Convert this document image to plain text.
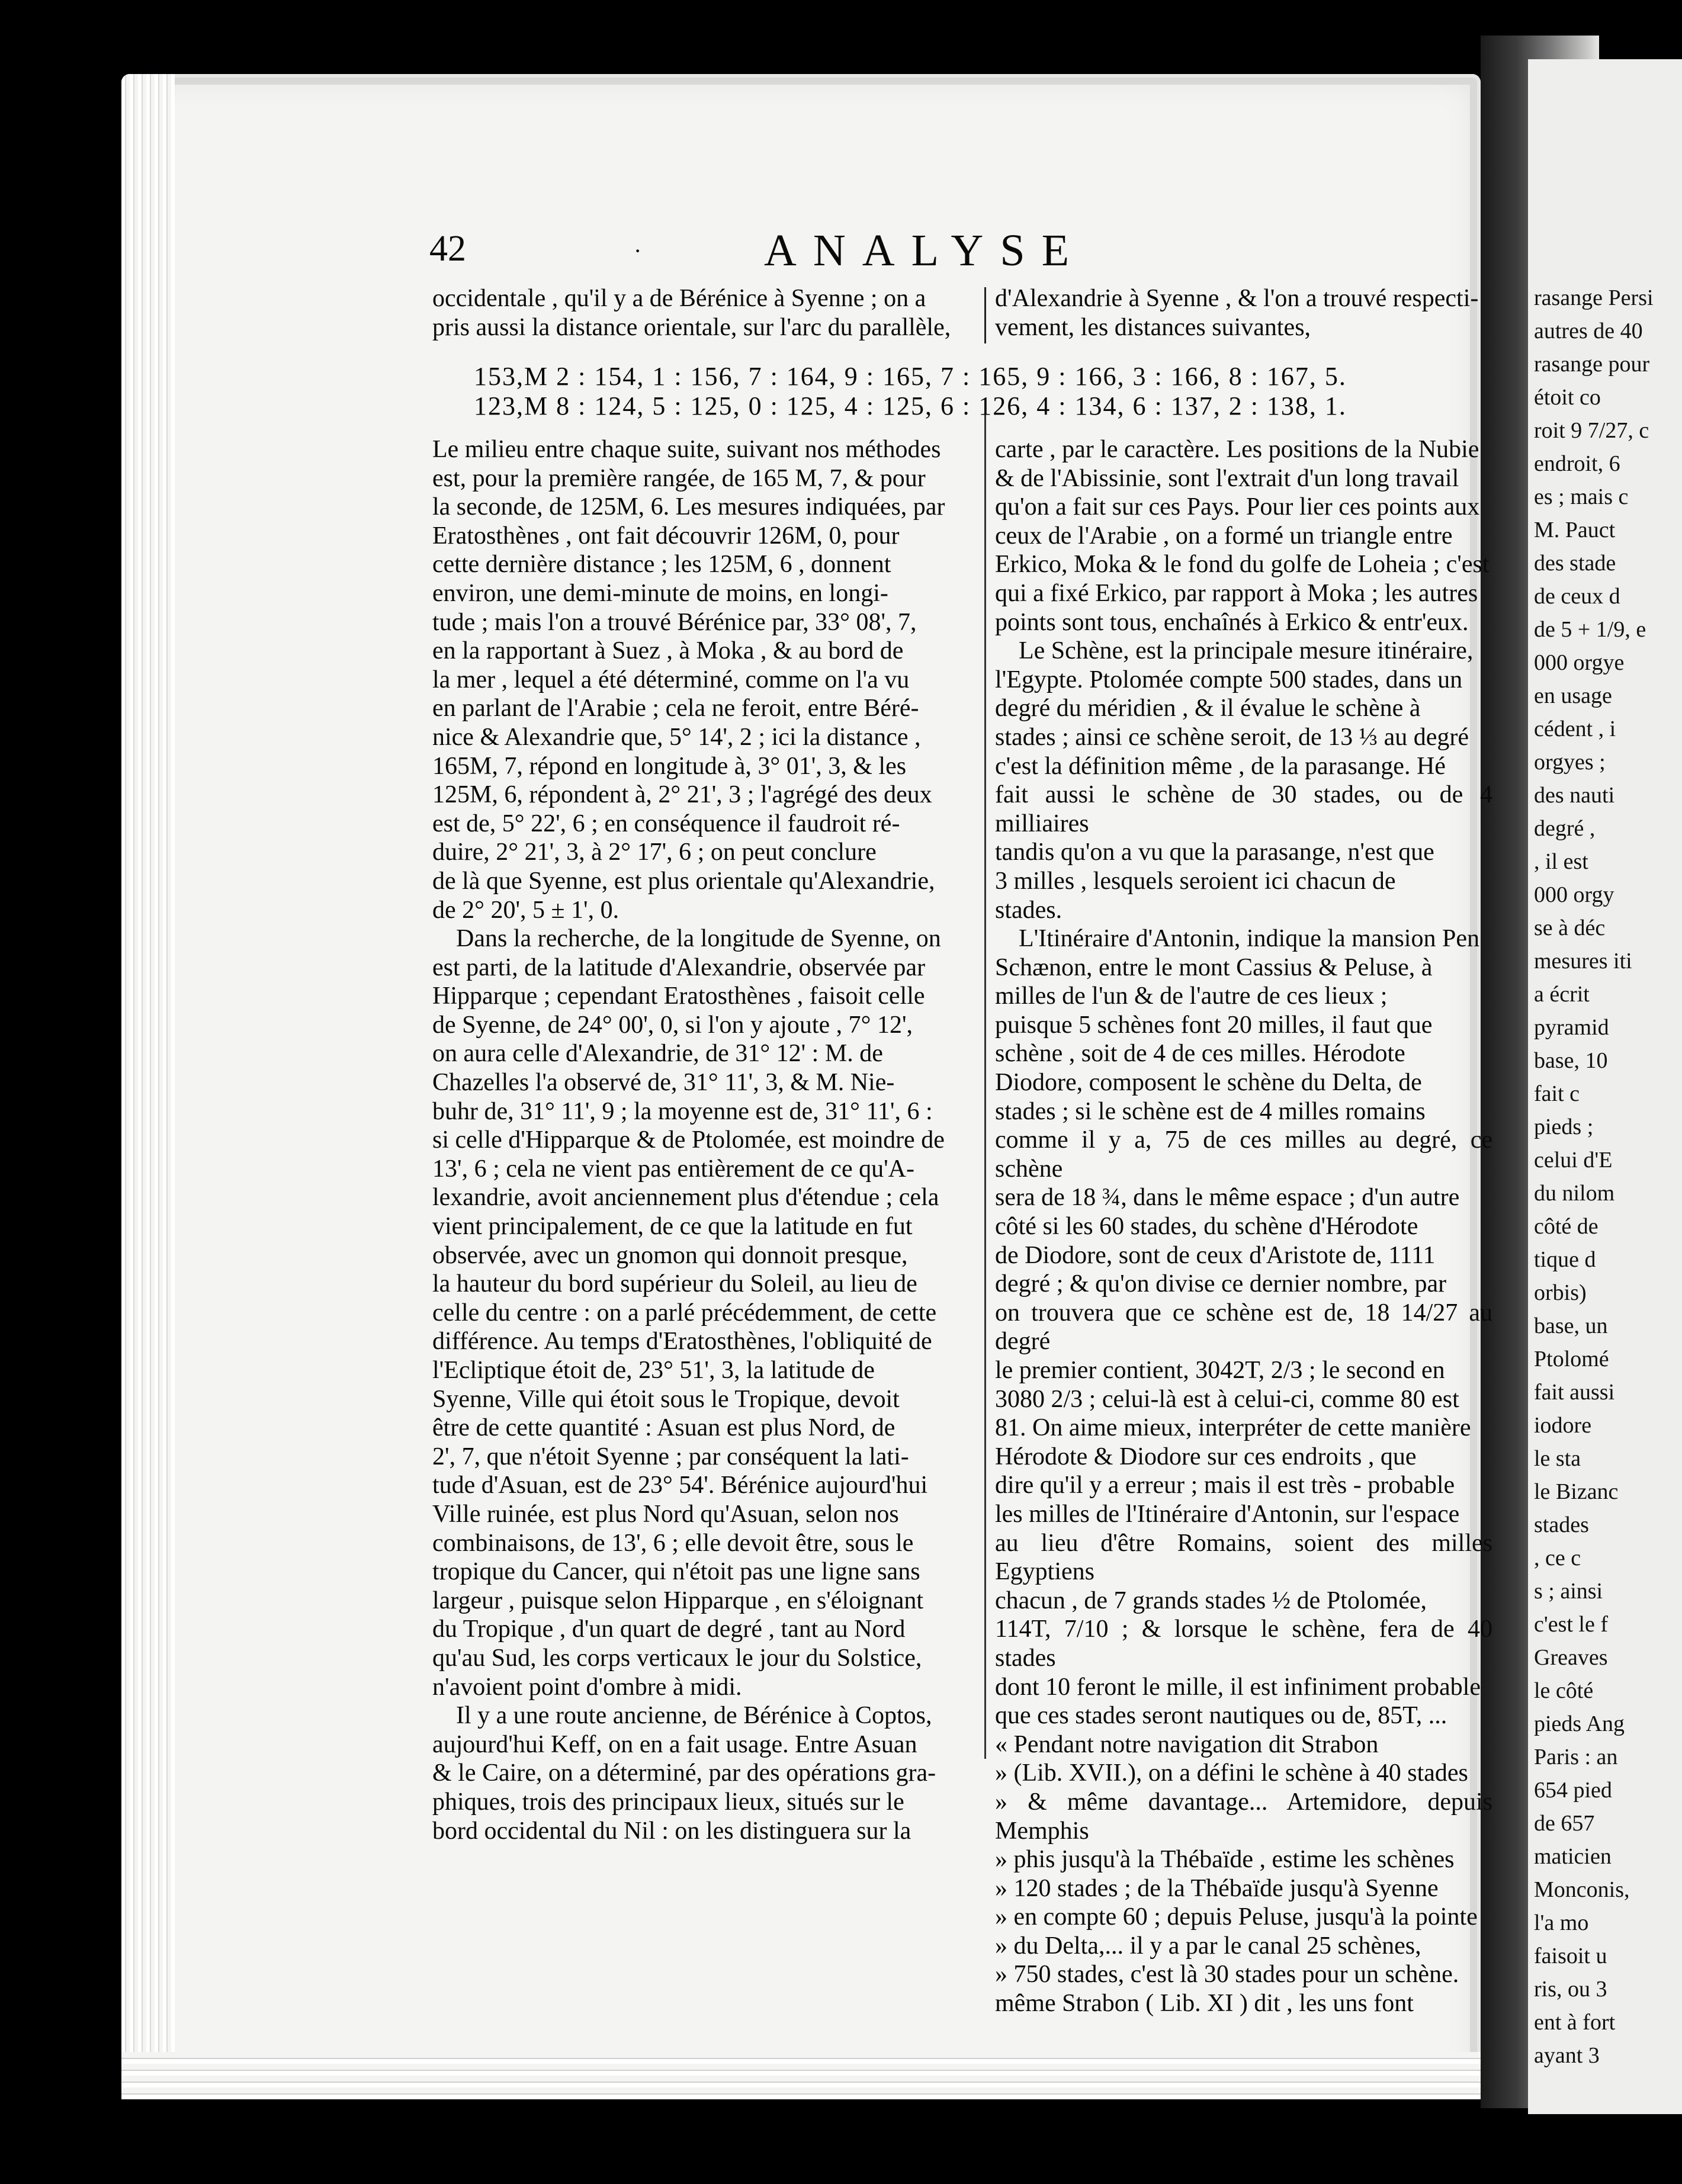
rasange Persi
autres de 40
rasange pour
étoit co
roit 9 7/27, c
endroit, 6
es ; mais c
M. Pauct
des stade
de ceux d
de 5 + 1/9, e
000 orgye
en usage
cédent , i
orgyes ;
des nauti
degré ,
, il est
000 orgy
se à déc
mesures iti
a écrit
pyramid
base, 10
fait c
pieds ;
celui d'E
du nilom
côté de
tique d
orbis)
base, un
Ptolomé
fait aussi
iodore
le sta
le Bizanc
stades
, ce c
s ; ainsi
c'est le f
Greaves
le côté
pieds Ang
Paris : an
654 pied
de 657
maticien
Monconis,
l'a mo
faisoit u
ris, ou 3
ent à fort
ayant 3
42	·	ANALYSE

occidentale , qu'il y a de Bérénice à Syenne ; on a

pris aussi la distance orientale, sur l'arc du parallèle,

d'Alexandrie à Syenne , & l'on a trouvé respecti-

vement, les distances suivantes,

153,M 2 : 154, 1 : 156, 7 : 164, 9 : 165, 7 : 165, 9 : 166, 3 : 166, 8 : 167, 5.
123,M 8 : 124, 5 : 125, 0 : 125, 4 : 125, 6 : 126, 4 : 134, 6 : 137, 2 : 138, 1.

Le milieu entre chaque suite, suivant nos méthodes

est, pour la première rangée, de 165 M, 7, & pour

la seconde, de 125M, 6. Les mesures indiquées, par

Eratosthènes , ont fait découvrir 126M, 0, pour

cette dernière distance ; les 125M, 6 , donnent

environ, une demi-minute de moins, en longi-

tude ; mais l'on a trouvé Bérénice par, 33° 08', 7,

en la rapportant à Suez , à Moka , & au bord de

la mer , lequel a été déterminé, comme on l'a vu

en parlant de l'Arabie ; cela ne feroit, entre Béré-

nice & Alexandrie que, 5° 14', 2 ; ici la distance ,

165M, 7, répond en longitude à, 3° 01', 3, & les

125M, 6, répondent à, 2° 21', 3 ; l'agrégé des deux

est de, 5° 22', 6 ; en conséquence il faudroit ré-

duire, 2° 21', 3, à 2° 17', 6 ; on peut conclure

de là que Syenne, est plus orientale qu'Alexandrie,

de 2° 20', 5 ± 1', 0.

Dans la recherche, de la longitude de Syenne, on

est parti, de la latitude d'Alexandrie, observée par

Hipparque ; cependant Eratosthènes , faisoit celle

de Syenne, de 24° 00', 0, si l'on y ajoute , 7° 12',

on aura celle d'Alexandrie, de 31° 12' : M. de

Chazelles l'a observé de, 31° 11', 3, & M. Nie-

buhr de, 31° 11', 9 ; la moyenne est de, 31° 11', 6 :

si celle d'Hipparque & de Ptolomée, est moindre de

13', 6 ; cela ne vient pas entièrement de ce qu'A-

lexandrie, avoit anciennement plus d'étendue ; cela

vient principalement, de ce que la latitude en fut

observée, avec un gnomon qui donnoit presque,

la hauteur du bord supérieur du Soleil, au lieu de

celle du centre : on a parlé précédemment, de cette

différence. Au temps d'Eratosthènes, l'obliquité de

l'Ecliptique étoit de, 23° 51', 3, la latitude de

Syenne, Ville qui étoit sous le Tropique, devoit

être de cette quantité : Asuan est plus Nord, de

2', 7, que n'étoit Syenne ; par conséquent la lati-

tude d'Asuan, est de 23° 54'. Bérénice aujourd'hui

Ville ruinée, est plus Nord qu'Asuan, selon nos

combinaisons, de 13', 6 ; elle devoit être, sous le

tropique du Cancer, qui n'étoit pas une ligne sans

largeur , puisque selon Hipparque , en s'éloignant

du Tropique , d'un quart de degré , tant au Nord

qu'au Sud, les corps verticaux le jour du Solstice,

n'avoient point d'ombre à midi.

Il y a une route ancienne, de Bérénice à Coptos,

aujourd'hui Keff, on en a fait usage. Entre Asuan

& le Caire, on a déterminé, par des opérations gra-

phiques, trois des principaux lieux, situés sur le

bord occidental du Nil : on les distinguera sur la

carte , par le caractère. Les positions de la Nubie

& de l'Abissinie, sont l'extrait d'un long travail

qu'on a fait sur ces Pays. Pour lier ces points aux

ceux de l'Arabie , on a formé un triangle entre

Erkico, Moka & le fond du golfe de Loheia ; c'est

qui a fixé Erkico, par rapport à Moka ; les autres

points sont tous, enchaînés à Erkico & entr'eux.

Le Schène, est la principale mesure itinéraire,

l'Egypte. Ptolomée compte 500 stades, dans un

degré du méridien , & il évalue le schène à

stades ; ainsi ce schène seroit, de 13 ⅓ au degré

c'est la définition même , de la parasange. Hé

fait aussi le schène de 30 stades, ou de 4 milliaires

tandis qu'on a vu que la parasange, n'est que

3 milles , lesquels seroient ici chacun de

stades.

L'Itinéraire d'Antonin, indique la mansion Pen

Schænon, entre le mont Cassius & Peluse, à

milles de l'un & de l'autre de ces lieux ;

puisque 5 schènes font 20 milles, il faut que

schène , soit de 4 de ces milles. Hérodote

Diodore, composent le schène du Delta, de

stades ; si le schène est de 4 milles romains

comme il y a, 75 de ces milles au degré, ce schène

sera de 18 ¾, dans le même espace ; d'un autre

côté si les 60 stades, du schène d'Hérodote

de Diodore, sont de ceux d'Aristote de, 1111

degré ; & qu'on divise ce dernier nombre, par

on trouvera que ce schène est de, 18 14/27 au degré

le premier contient, 3042T, 2/3 ; le second en

3080 2/3 ; celui-là est à celui-ci, comme 80 est

81. On aime mieux, interpréter de cette manière

Hérodote & Diodore sur ces endroits , que

dire qu'il y a erreur ; mais il est très - probable

les milles de l'Itinéraire d'Antonin, sur l'espace

au lieu d'être Romains, soient des milles Egyptiens

chacun , de 7 grands stades ½ de Ptolomée,

114T, 7/10 ; & lorsque le schène, fera de 40 stades

dont 10 feront le mille, il est infiniment probable

que ces stades seront nautiques ou de, 85T, ...

« Pendant notre navigation dit Strabon

» (Lib. XVII.), on a défini le schène à 40 stades

» & même davantage... Artemidore, depuis Memphis

» phis jusqu'à la Thébaïde , estime les schènes

» 120 stades ; de la Thébaïde jusqu'à Syenne

» en compte 60 ; depuis Peluse, jusqu'à la pointe

» du Delta,... il y a par le canal 25 schènes,

» 750 stades, c'est là 30 stades pour un schène.

même Strabon ( Lib. XI ) dit , les uns font
